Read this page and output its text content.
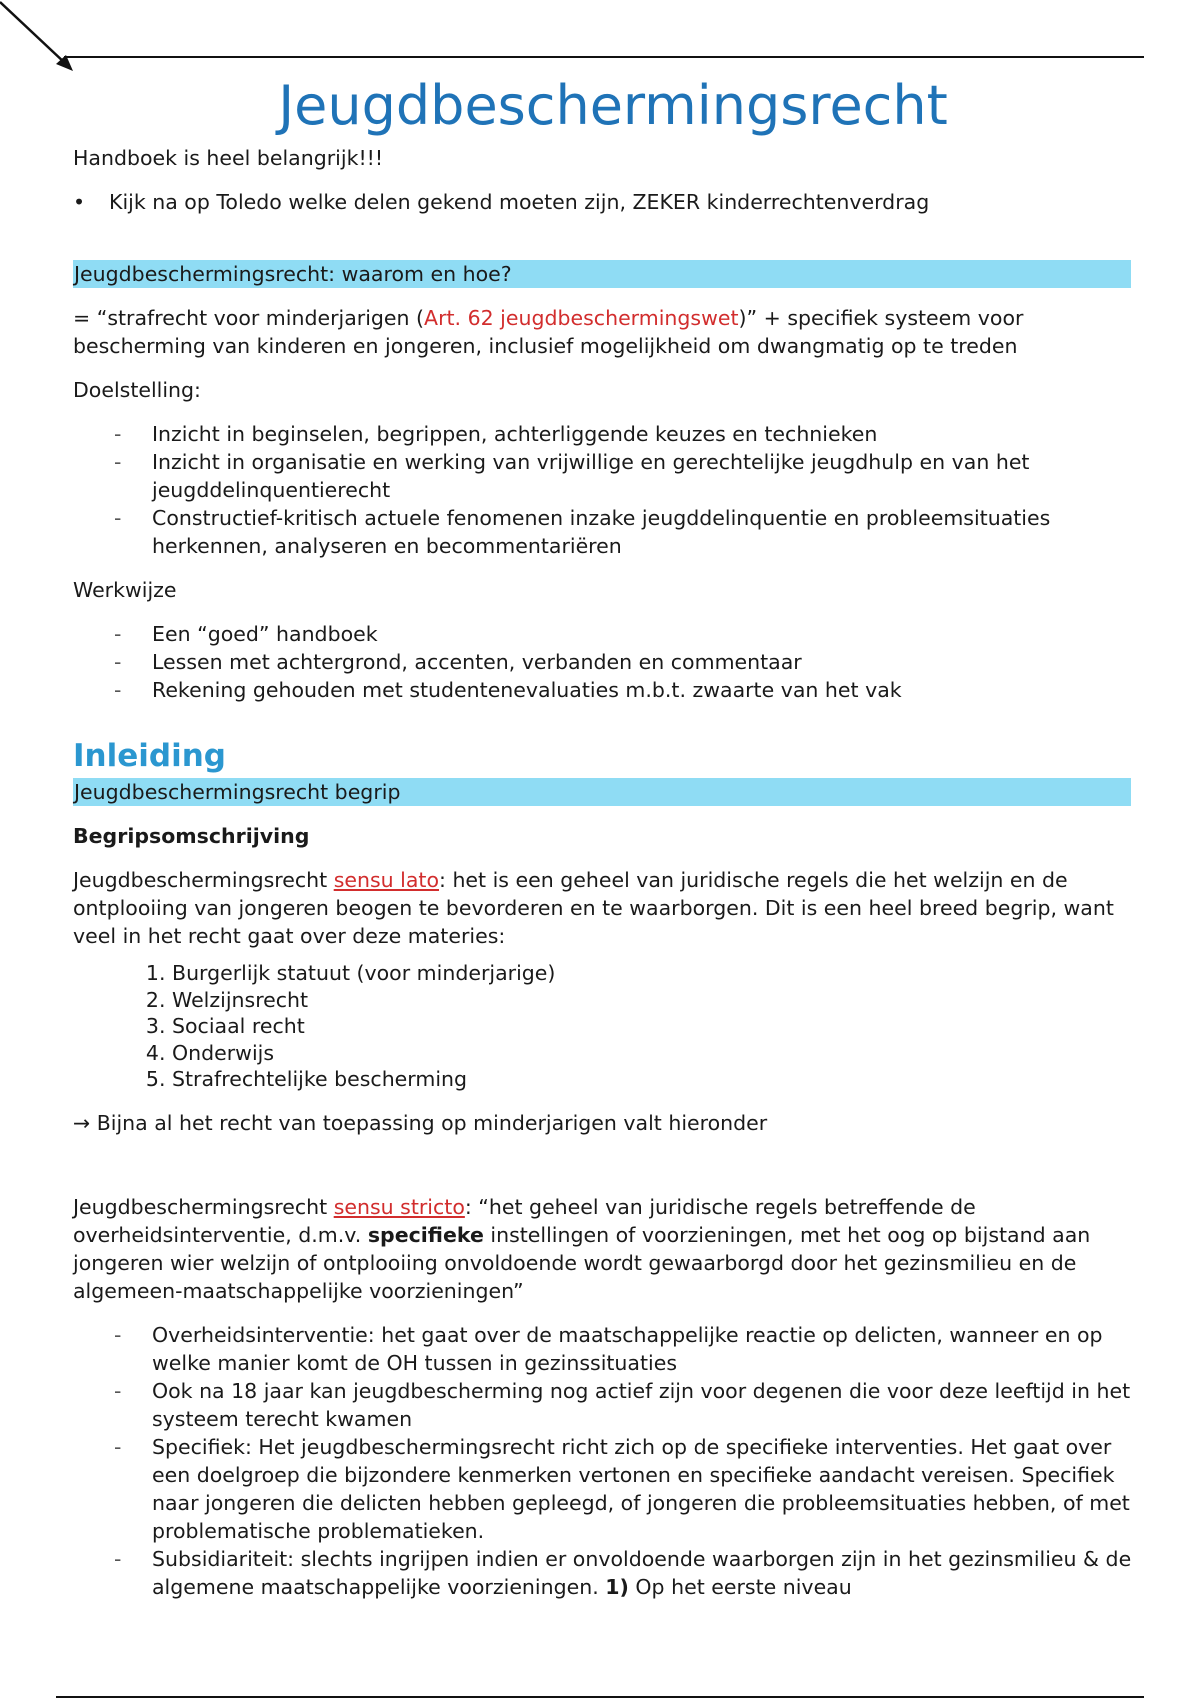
Jeugdbeschermingsrecht

Handboek is heel belangrijk!!!

• Kijk na op Toledo welke delen gekend moeten zijn, ZEKER kinderrechtenverdrag
Jeugdbeschermingsrecht: waarom en hoe?

= “strafrecht voor minderjarigen (Art. 62 jeugdbeschermingswet)” + specifiek systeem voor bescherming van kinderen en jongeren, inclusief mogelijkheid om dwangmatig op te treden

Doelstelling:

- Inzicht in beginselen, begrippen, achterliggende keuzes en technieken
- Inzicht in organisatie en werking van vrijwillige en gerechtelijke jeugdhulp en van het jeugddelinquentierecht
- Constructief-kritisch actuele fenomenen inzake jeugddelinquentie en probleemsituaties herkennen, analyseren en becommentariëren

Werkwijze

- Een “goed” handboek
- Lessen met achtergrond, accenten, verbanden en commentaar
- Rekening gehouden met studentenevaluaties m.b.t. zwaarte van het vak
Inleiding
Jeugdbeschermingsrecht begrip

Begripsomschrijving

Jeugdbeschermingsrecht sensu lato: het is een geheel van juridische regels die het welzijn en de ontplooiing van jongeren beogen te bevorderen en te waarborgen. Dit is een heel breed begrip, want veel in het recht gaat over deze materies:

1. Burgerlijk statuut (voor minderjarige)
2. Welzijnsrecht
3. Sociaal recht
4. Onderwijs
5. Strafrechtelijke bescherming

→ Bijna al het recht van toepassing op minderjarigen valt hieronder

Jeugdbeschermingsrecht sensu stricto: “het geheel van juridische regels betreffende de overheidsinterventie, d.m.v. specifieke instellingen of voorzieningen, met het oog op bijstand aan jongeren wier welzijn of ontplooiing onvoldoende wordt gewaarborgd door het gezinsmilieu en de algemeen-maatschappelijke voorzieningen”

- Overheidsinterventie: het gaat over de maatschappelijke reactie op delicten, wanneer en op welke manier komt de OH tussen in gezinssituaties
- Ook na 18 jaar kan jeugdbescherming nog actief zijn voor degenen die voor deze leeftijd in het systeem terecht kwamen
- Specifiek: Het jeugdbeschermingsrecht richt zich op de specifieke interventies. Het gaat over een doelgroep die bijzondere kenmerken vertonen en specifieke aandacht vereisen. Specifiek naar jongeren die delicten hebben gepleegd, of jongeren die probleemsituaties hebben, of met problematische problematieken.
- Subsidiariteit: slechts ingrijpen indien er onvoldoende waarborgen zijn in het gezinsmilieu & de algemene maatschappelijke voorzieningen. 1) Op het eerste niveau
